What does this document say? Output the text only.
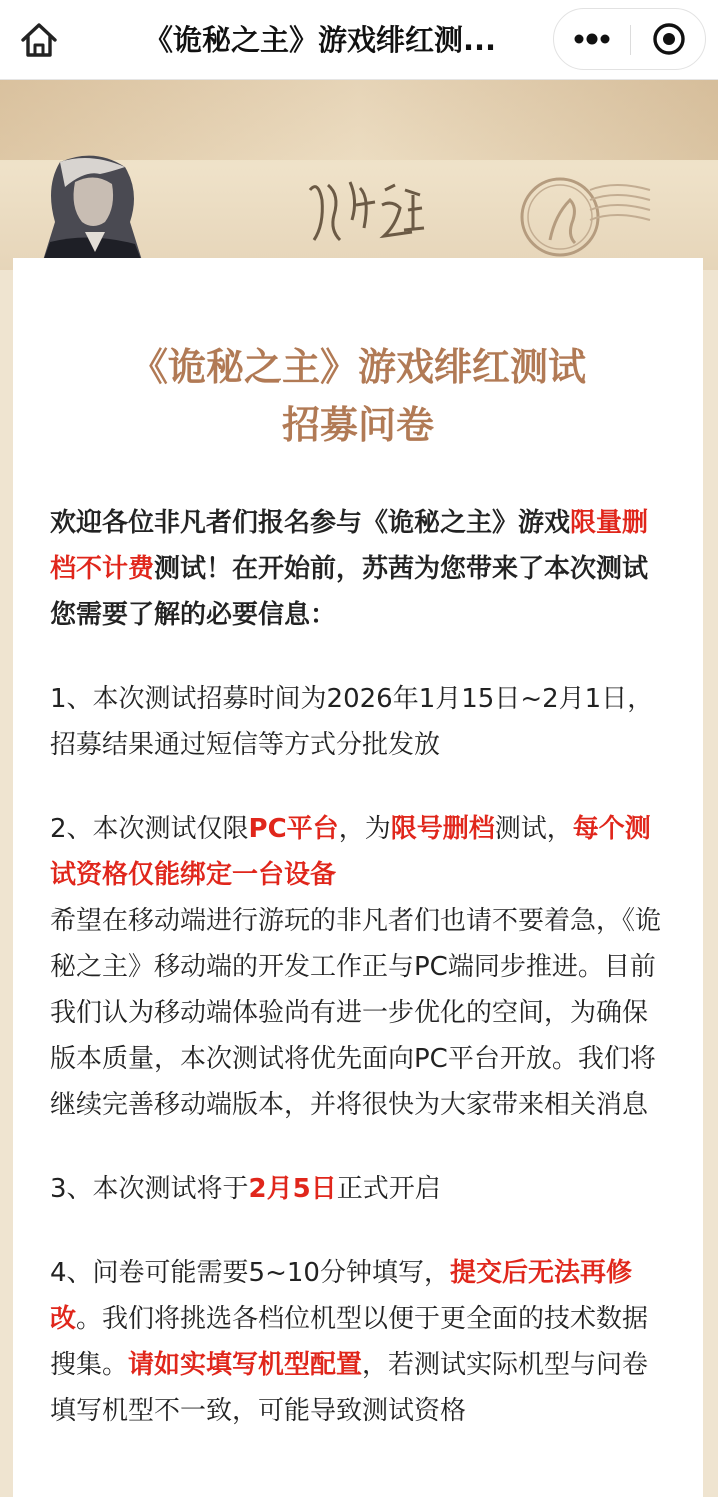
《诡秘之主》游戏绯红测...
《诡秘之主》游戏绯红测试
招募问卷

欢迎各位非凡者们报名参与《诡秘之主》游戏限量删档不计费测试！在开始前，苏茜为您带来了本次测试您需要了解的必要信息：

1、本次测试招募时间为2026年1月15日~2月1日，招募结果通过短信等方式分批发放

2、本次测试仅限PC平台，为限号删档测试，每个测试资格仅能绑定一台设备

希望在移动端进行游玩的非凡者们也请不要着急，《诡秘之主》移动端的开发工作正与PC端同步推进。目前我们认为移动端体验尚有进一步优化的空间，为确保版本质量，本次测试将优先面向PC平台开放。我们将继续完善移动端版本，并将很快为大家带来相关消息

3、本次测试将于2月5日正式开启

4、问卷可能需要5~10分钟填写，提交后无法再修改。我们将挑选各档位机型以便于更全面的技术数据搜集。请如实填写机型配置，若测试实际机型与问卷填写机型不一致，可能导致测试资格
